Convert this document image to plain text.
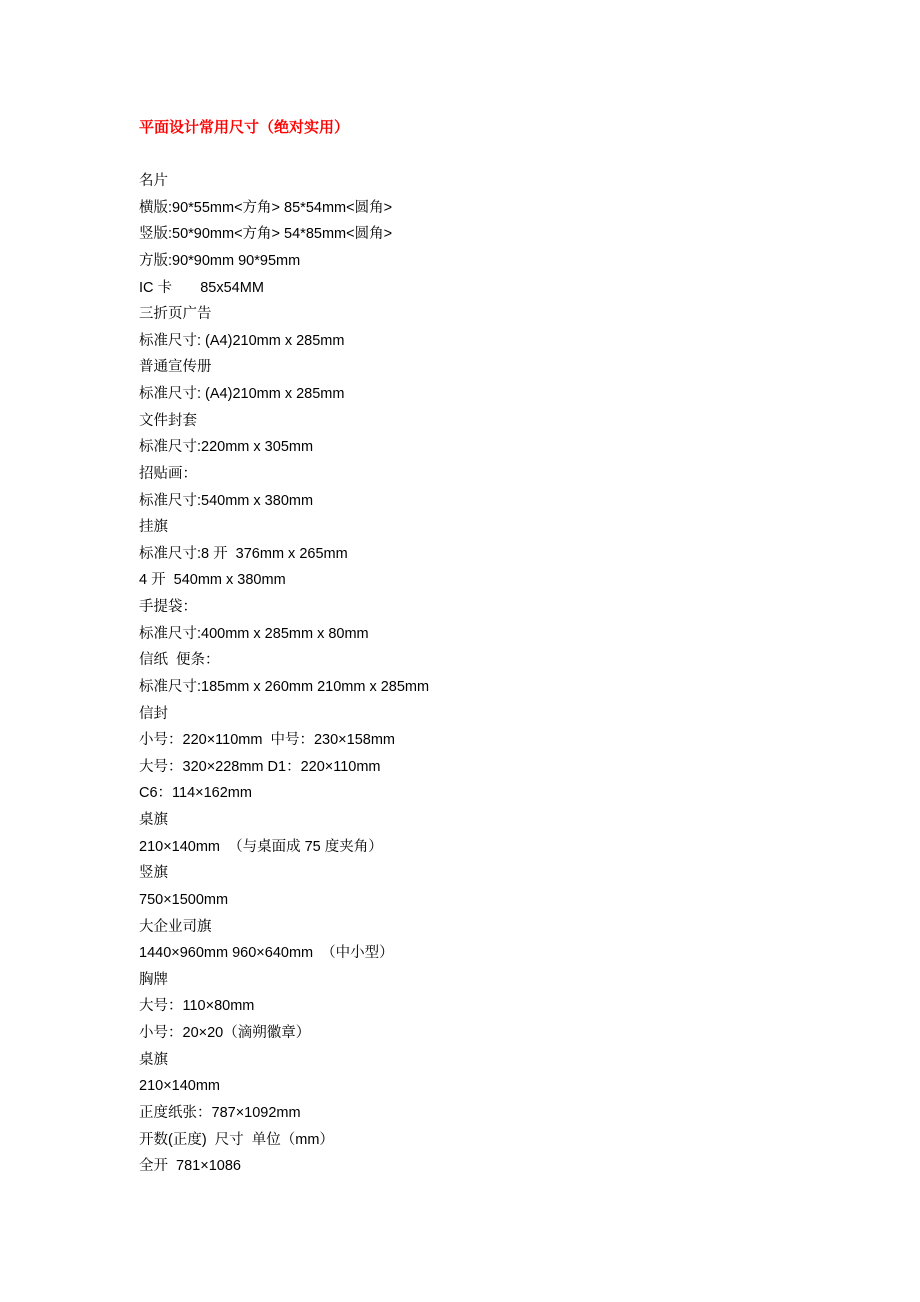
平面设计常用尺寸（绝对实用）
名片
横版:90*55mm<方角> 85*54mm<圆角>
竖版:50*90mm<方角> 54*85mm<圆角>
方版:90*90mm 90*95mm
IC 卡       85x54MM
三折页广告
标准尺寸: (A4)210mm x 285mm
普通宣传册
标准尺寸: (A4)210mm x 285mm
文件封套
标准尺寸:220mm x 305mm
招贴画：
标准尺寸:540mm x 380mm
挂旗
标准尺寸:8 开  376mm x 265mm
4 开  540mm x 380mm
手提袋：
标准尺寸:400mm x 285mm x 80mm
信纸  便条：
标准尺寸:185mm x 260mm 210mm x 285mm
信封
小号：220×110mm  中号：230×158mm
大号：320×228mm D1：220×110mm
C6：114×162mm
桌旗
210×140mm  （与桌面成 75 度夹角）
竖旗
750×1500mm
大企业司旗
1440×960mm 960×640mm  （中小型）
胸牌
大号：110×80mm
小号：20×20（滴朔徽章）
桌旗
210×140mm
正度纸张：787×1092mm
开数(正度)  尺寸  单位（mm）
全开  781×1086
